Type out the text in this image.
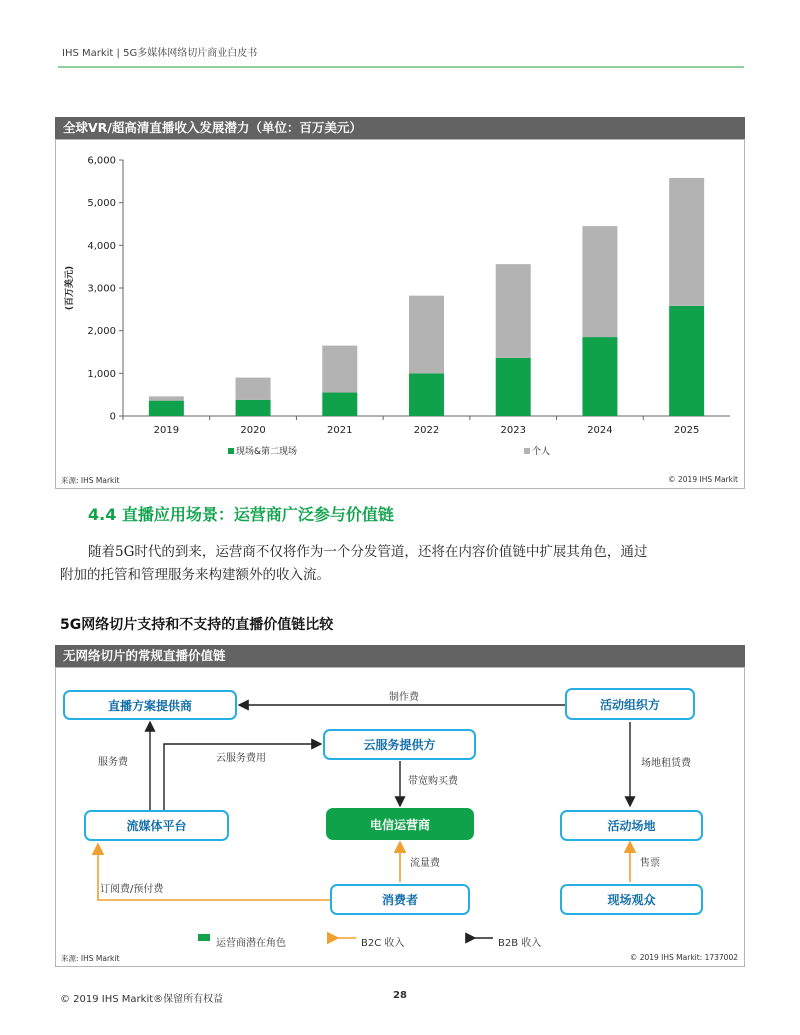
IHS Markit | 5G多媒体网络切片商业白皮书
全球VR/超高清直播收入发展潜力（单位：百万美元）
0
1,000
2,000
3,000
4,000
5,000
6,000
(百万美元)
2019	2020	2021	2022	2023	2024	2025
现场&第二现场	个人
来源: IHS Markit	© 2019 IHS Markit
4.4 直播应用场景：运营商广泛参与价值链
随着5G时代的到来，运营商不仅将作为一个分发管道，还将在内容价值链中扩展其角色，通过
附加的托管和管理服务来构建额外的收入流。
5G网络切片支持和不支持的直播价值链比较
无网络切片的常规直播价值链
直播方案提供商	活动组织方
云服务提供方
流媒体平台	电信运营商	活动场地
消费者	现场观众
制作费
服务费	云服务费用
带宽购买费
场地租赁费
流量费	售票
订阅费/预付费
运营商潜在角色	B2C 收入	B2B 收入
来源: IHS Markit	© 2019 IHS Markit: 1737002
© 2019 IHS Markit®保留所有权益	28
